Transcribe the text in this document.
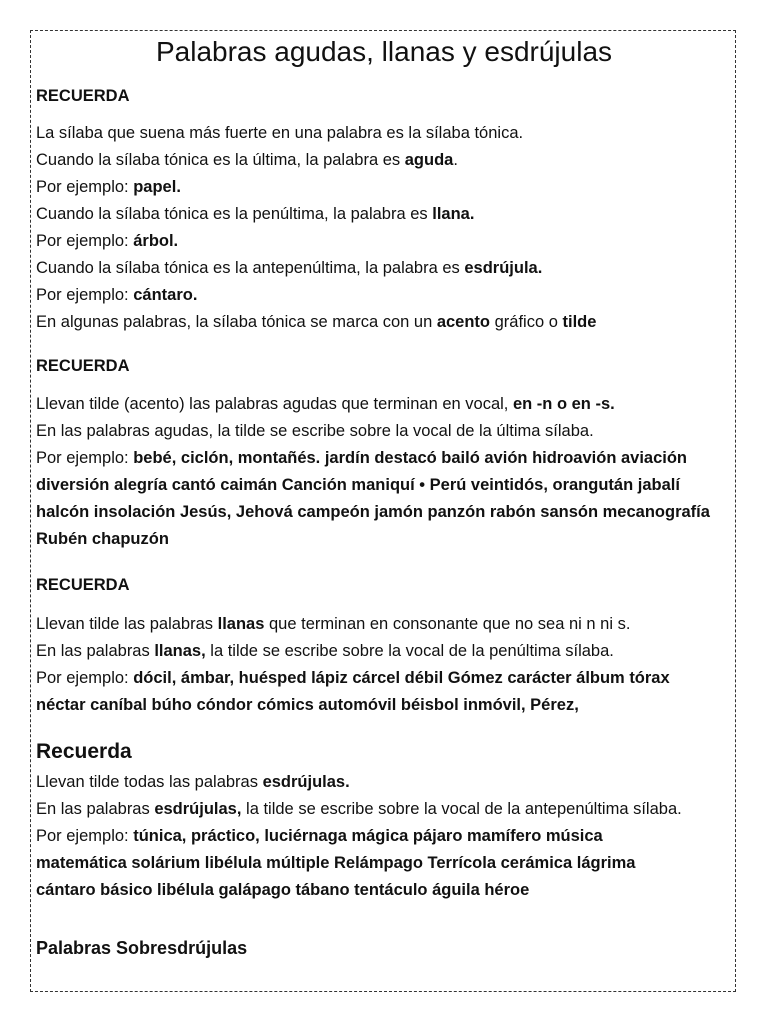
Palabras agudas, llanas y esdrújulas
RECUERDA
La sílaba que suena más fuerte en una palabra es la sílaba tónica.
Cuando la sílaba tónica es la última, la palabra es aguda.
Por ejemplo: papel.
Cuando la sílaba tónica es la penúltima, la palabra es llana.
Por ejemplo: árbol.
Cuando la sílaba tónica es la antepenúltima, la palabra es esdrújula.
Por ejemplo: cántaro.
En algunas palabras, la sílaba tónica se marca con un acento gráfico o tilde
RECUERDA
Llevan tilde (acento) las palabras agudas que terminan en vocal, en -n o en -s.
En las palabras agudas, la tilde se escribe sobre la vocal de la última sílaba.
Por ejemplo: bebé, ciclón, montañés. jardín destacó bailó avión hidroavión aviación
diversión alegría cantó caimán Canción maniquí • Perú veintidós, orangután jabalí
halcón insolación Jesús, Jehová campeón jamón panzón rabón sansón mecanografía
Rubén chapuzón
RECUERDA
Llevan tilde las palabras llanas que terminan en consonante que no sea ni n ni s.
En las palabras llanas, la tilde se escribe sobre la vocal de la penúltima sílaba.
Por ejemplo: dócil, ámbar, huésped lápiz cárcel débil Gómez carácter álbum tórax
néctar caníbal búho cóndor cómics automóvil béisbol inmóvil, Pérez,
Recuerda
Llevan tilde todas las palabras esdrújulas.
En las palabras esdrújulas, la tilde se escribe sobre la vocal de la antepenúltima sílaba.
Por ejemplo: túnica, práctico, luciérnaga mágica pájaro mamífero música
matemática solárium libélula múltiple Relámpago Terrícola cerámica lágrima
cántaro básico libélula galápago tábano tentáculo águila héroe
Palabras Sobresdrújulas
